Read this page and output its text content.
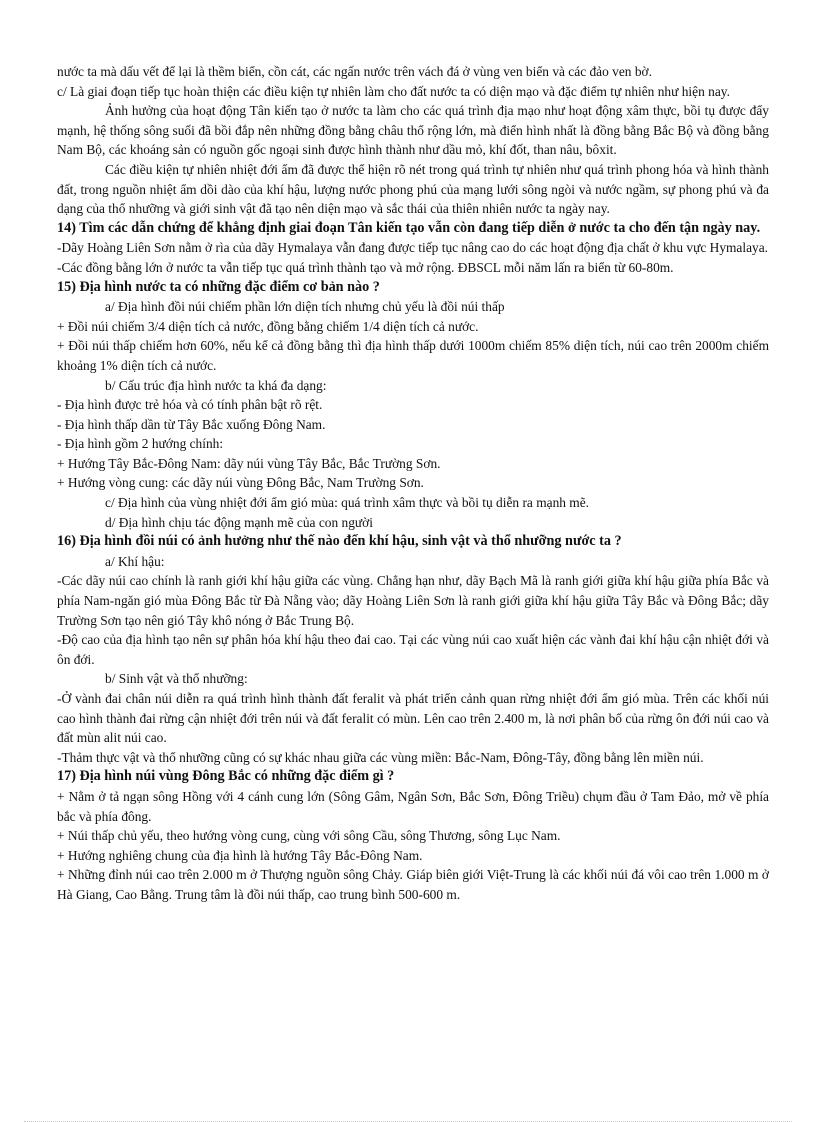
nước ta mà dấu vết để lại là thềm biển, cồn cát, các ngấn nước trên vách đá ở vùng ven biển và các đảo ven bờ.

c/ Là giai đoạn tiếp tục hoàn thiện các điều kiện tự nhiên làm cho đất nước ta có diện mạo và đặc điểm tự nhiên như hiện nay.

Ảnh hưởng của hoạt động Tân kiến tạo ở nước ta làm cho các quá trình địa mạo như hoạt động xâm thực, bồi tụ được đẩy mạnh, hệ thống sông suối đã bồi đắp nên những đồng bằng châu thổ rộng lớn, mà điển hình nhất là đồng bằng Bắc Bộ và đồng bằng Nam Bộ, các khoáng sản có nguồn gốc ngoại sinh được hình thành như dầu mỏ, khí đốt, than nâu, bôxit.

Các điều kiện tự nhiên nhiệt đới ẩm đã được thể hiện rõ nét trong quá trình tự nhiên như quá trình phong hóa và hình thành đất, trong nguồn nhiệt ẩm dồi dào của khí hậu, lượng nước phong phú của mạng lưới sông ngòi và nước ngầm, sự phong phú và đa dạng của thổ nhưỡng và giới sinh vật đã tạo nên diện mạo và sắc thái của thiên nhiên nước ta ngày nay.

14) Tìm các dẫn chứng để khẳng định giai đoạn Tân kiến tạo vẫn còn đang tiếp diễn ở nước ta cho đến tận ngày nay.

-Dãy Hoàng Liên Sơn nằm ở rìa của dãy Hymalaya vẫn đang được tiếp tục nâng cao do các hoạt động địa chất ở khu vực Hymalaya.

-Các đồng bằng lớn ở nước ta vẫn tiếp tục quá trình thành tạo và mở rộng. ĐBSCL mỗi năm lấn ra biển từ 60-80m.

15) Địa hình nước ta có những đặc điểm cơ bản nào ?

a/ Địa hình đồi núi chiếm phần lớn diện tích nhưng chủ yếu là đồi núi thấp

+ Đồi núi chiếm 3/4 diện tích cả nước, đồng bằng chiếm 1/4 diện tích cả nước.

+ Đồi núi thấp chiếm hơn 60%, nếu kể cả đồng bằng thì địa hình thấp dưới 1000m chiếm 85% diện tích, núi cao trên 2000m chiếm khoảng 1% diện tích cả nước.

b/ Cấu trúc địa hình nước ta khá đa dạng:

- Địa hình được trẻ hóa và có tính phân bật rõ rệt.

- Địa hình thấp dần từ Tây Bắc xuống Đông Nam.

- Địa hình gồm 2 hướng chính:

+ Hướng Tây Bắc-Đông Nam: dãy núi vùng Tây Bắc, Bắc Trường Sơn.

+ Hướng vòng cung: các dãy núi vùng Đông Bắc, Nam Trường Sơn.

c/ Địa hình của vùng nhiệt đới ẩm gió mùa: quá trình xâm thực và bồi tụ diễn ra mạnh mẽ.

d/ Địa hình chịu tác động mạnh mẽ của con người

16) Địa hình đồi núi có ảnh hưởng như thế nào đến khí hậu, sinh vật và thổ nhưỡng nước ta ?

a/ Khí hậu:

-Các dãy núi cao chính là ranh giới khí hậu giữa các vùng. Chẳng hạn như, dãy Bạch Mã là ranh giới giữa khí hậu giữa phía Bắc và phía Nam-ngăn gió mùa Đông Bắc từ Đà Nẵng vào; dãy Hoàng Liên Sơn là ranh giới giữa khí hậu giữa Tây Bắc và Đông Bắc; dãy Trường Sơn tạo nên gió Tây khô nóng ở Bắc Trung Bộ.

-Độ cao của địa hình tạo nên sự phân hóa khí hậu theo đai cao. Tại các vùng núi cao xuất hiện các vành đai khí hậu cận nhiệt đới và ôn đới.

b/ Sinh vật và thổ nhưỡng:

-Ở vành đai chân núi diễn ra quá trình hình thành đất feralit và phát triển cảnh quan rừng nhiệt đới ẩm gió mùa. Trên các khối núi cao hình thành đai rừng cận nhiệt đới trên núi và đất feralit có mùn. Lên cao trên 2.400 m, là nơi phân bố của rừng ôn đới núi cao và đất mùn alit núi cao.

-Thảm thực vật và thổ nhưỡng cũng có sự khác nhau giữa các vùng miền: Bắc-Nam, Đông-Tây, đồng bằng lên miền núi.

17) Địa hình núi vùng Đông Bắc có những đặc điểm gì ?

+ Nằm ở tả ngạn sông Hồng với 4 cánh cung lớn (Sông Gâm, Ngân Sơn, Bắc Sơn, Đông Triều) chụm đầu ở Tam Đảo, mở về phía bắc và phía đông.

+ Núi thấp chủ yếu, theo hướng vòng cung, cùng với sông Cầu, sông Thương, sông Lục Nam.

+ Hướng nghiêng chung của địa hình là hướng Tây Bắc-Đông Nam.

+ Những đỉnh núi cao trên 2.000 m ở Thượng nguồn sông Chảy. Giáp biên giới Việt-Trung là các khối núi đá vôi cao trên 1.000 m ở Hà Giang, Cao Bằng. Trung tâm là đồi núi thấp, cao trung bình 500-600 m.
